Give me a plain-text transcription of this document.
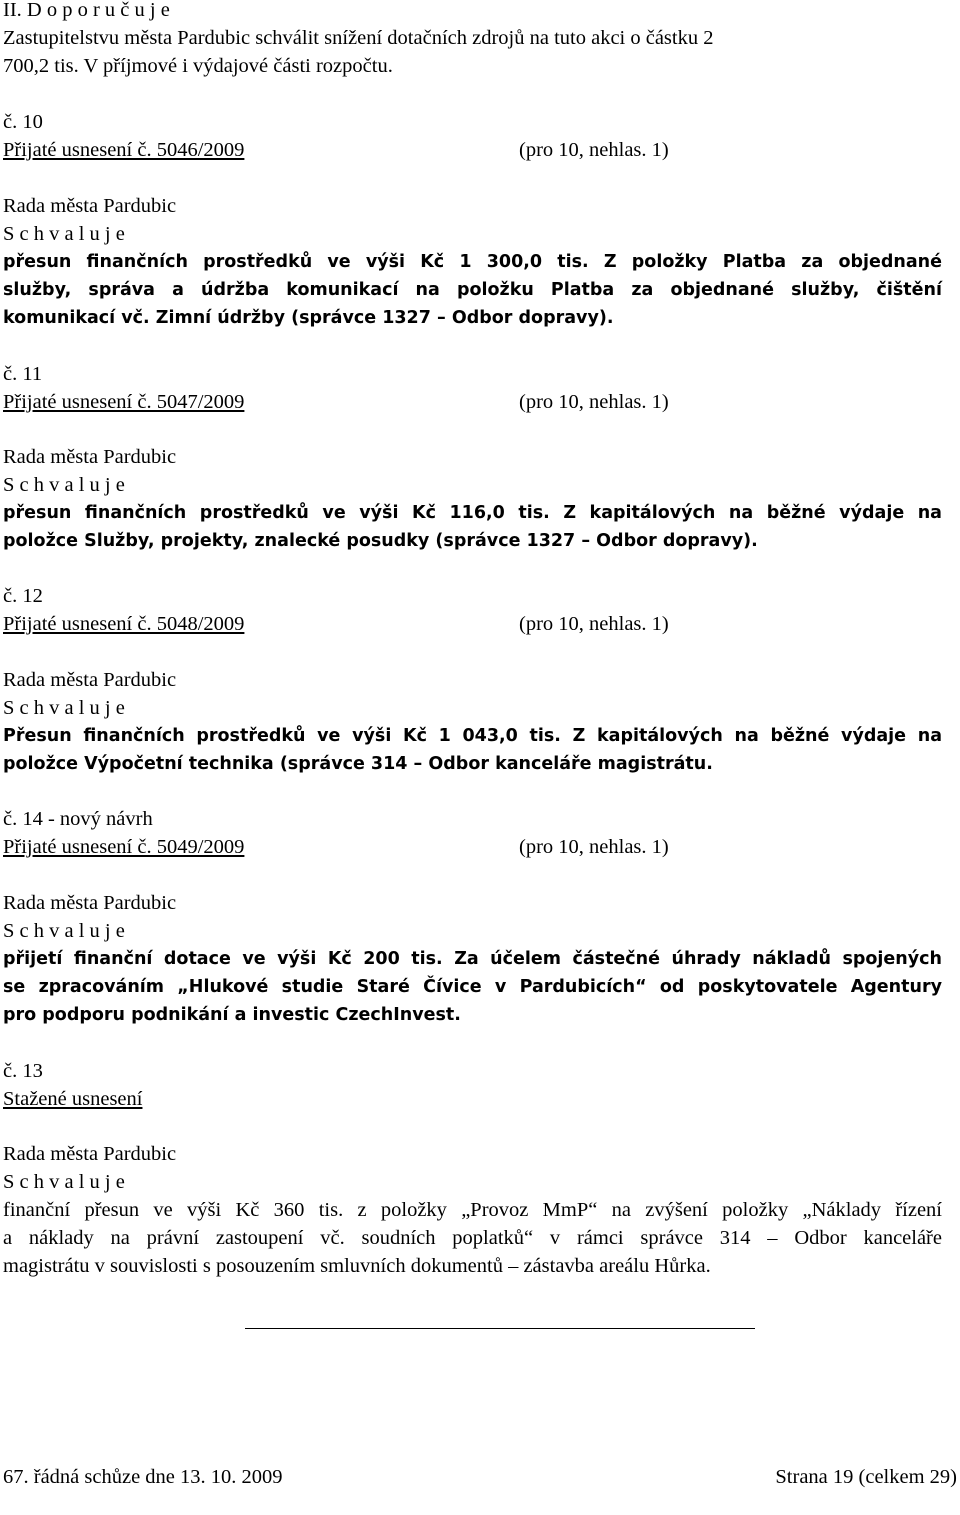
II. D o p o r u č u j e
Zastupitelstvu města Pardubic schválit snížení dotačních zdrojů na tuto akci o částku 2
700,2 tis. V příjmové i výdajové části rozpočtu.
č. 10
Přijaté usnesení č. 5046/2009	(pro 10, nehlas. 1)
Rada města Pardubic
S c h v a l u j e
přesun finančních prostředků ve výši Kč 1 300,0 tis. Z položky Platba za objednané
služby, správa a údržba komunikací na položku Platba za objednané služby, čištění
komunikací vč. Zimní údržby (správce 1327 – Odbor dopravy).
č. 11
Přijaté usnesení č. 5047/2009	(pro 10, nehlas. 1)
Rada města Pardubic
S c h v a l u j e
přesun finančních prostředků ve výši Kč 116,0 tis. Z kapitálových na běžné výdaje na
položce Služby, projekty, znalecké posudky (správce 1327 – Odbor dopravy).
č. 12
Přijaté usnesení č. 5048/2009	(pro 10, nehlas. 1)
Rada města Pardubic
S c h v a l u j e
Přesun finančních prostředků ve výši Kč 1 043,0 tis. Z kapitálových na běžné výdaje na
položce Výpočetní technika (správce 314 – Odbor kanceláře magistrátu.
č. 14 - nový návrh
Přijaté usnesení č. 5049/2009	(pro 10, nehlas. 1)
Rada města Pardubic
S c h v a l u j e
přijetí finanční dotace ve výši Kč 200 tis. Za účelem částečné úhrady nákladů spojených
se zpracováním „Hlukové studie Staré Čívice v Pardubicích“ od poskytovatele Agentury
pro podporu podnikání a investic CzechInvest.
č. 13
Stažené usnesení
Rada města Pardubic
S c h v a l u j e
finanční přesun ve výši Kč 360 tis. z položky „Provoz MmP“ na zvýšení položky „Náklady řízení
a náklady na právní zastoupení vč. soudních poplatků“ v rámci správce 314 – Odbor kanceláře
magistrátu v souvislosti s posouzením smluvních dokumentů – zástavba areálu Hůrka.
67. řádná schůze dne 13. 10. 2009	Strana 19 (celkem 29)
